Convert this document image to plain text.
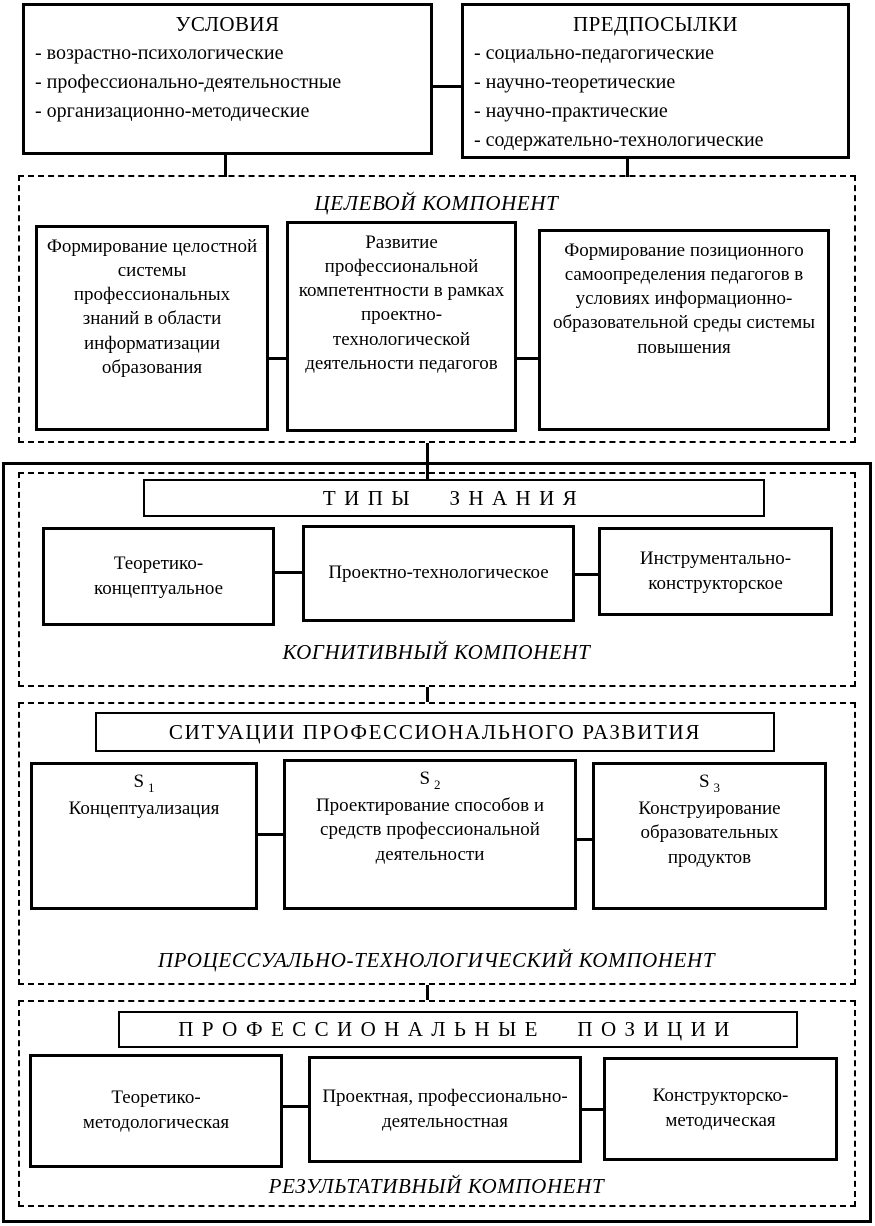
УСЛОВИЯ
- возрастно-психологические
- профессионально-деятельностные
- организационно-методические
ПРЕДПОСЫЛКИ
- социально-педагогические
- научно-теоретические
- научно-практические
- содержательно-технологические
ЦЕЛЕВОЙ КОМПОНЕНТ
Формирование целостной системы профессиональных знаний в области информатизации образования
Развитие профессиональной компетентности в рамках проектно-технологической деятельности педагогов
Формирование позиционного самоопределения педагогов в условиях информационно-образовательной среды системы повышения
ТИПЫ ЗНАНИЯ
Теоретико-концептуальное
Проектно-технологическое
Инструментально-конструкторское
КОГНИТИВНЫЙ КОМПОНЕНТ
СИТУАЦИИ ПРОФЕССИОНАЛЬНОГО РАЗВИТИЯ
S $_1$
Концептуализация
S $_2$
Проектирование способов и средств профессиональной деятельности
S $_3$
Конструирование образовательных продуктов
ПРОЦЕССУАЛЬНО-ТЕХНОЛОГИЧЕСКИЙ КОМПОНЕНТ
ПРОФЕССИОНАЛЬНЫЕ ПОЗИЦИИ
Теоретико-методологическая
Проектная, профессионально-деятельностная
Конструкторско-методическая
РЕЗУЛЬТАТИВНЫЙ КОМПОНЕНТ
